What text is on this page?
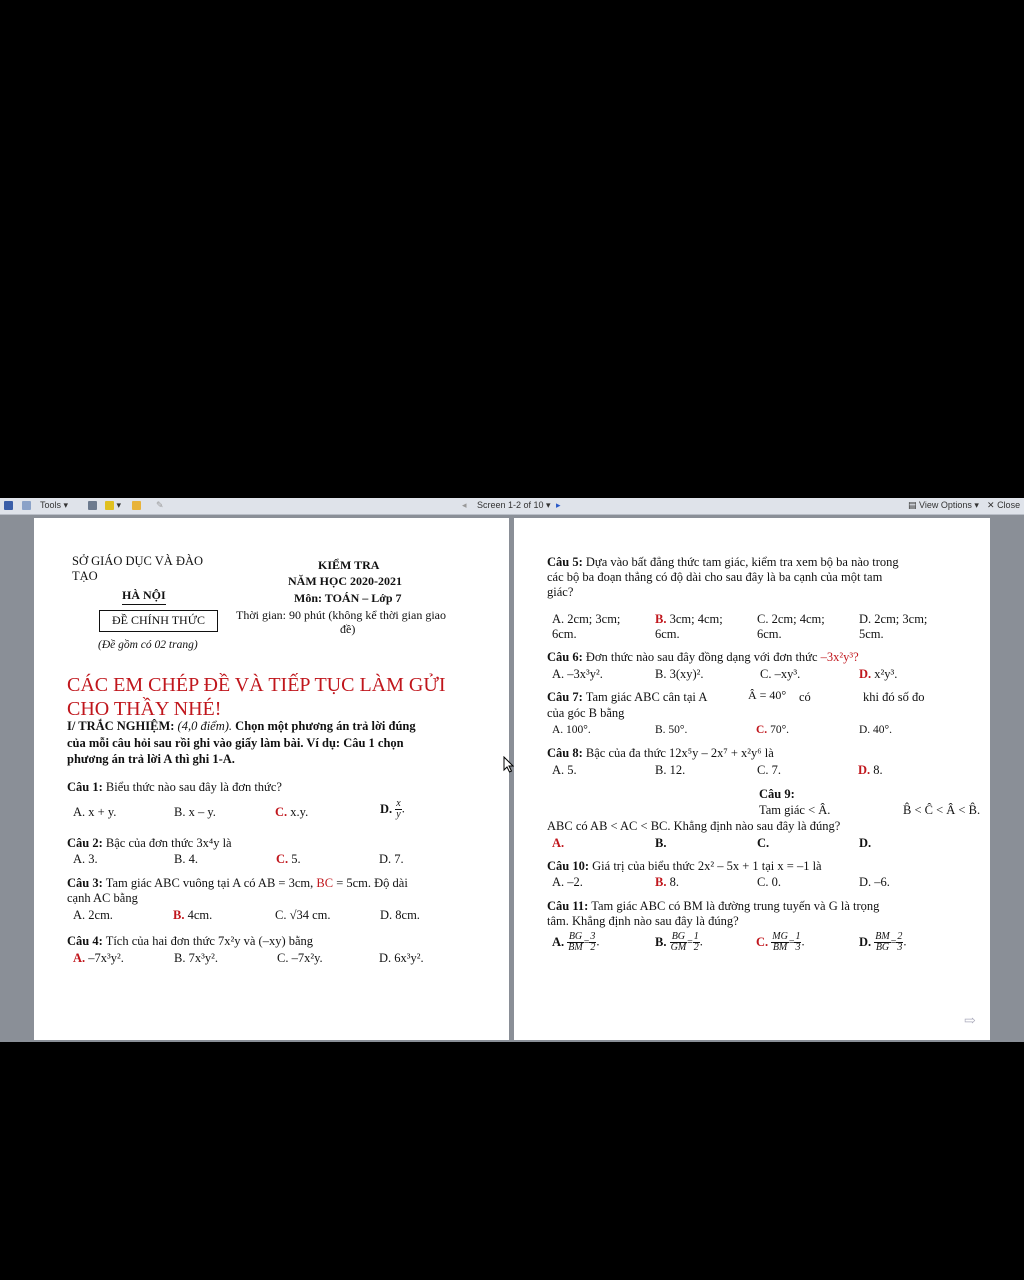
Tools ▾	▾	✎	◂ Screen 1-2 of 10 ▾ ▸	▤ View Options ▾ ✕ Close
SỞ GIÁO DỤC VÀ ĐÀO
TẠO
HÀ NỘI
ĐỀ CHÍNH THỨC
(Đề gồm có 02 trang)
KIỂM TRA
NĂM HỌC 2020-2021
Môn: TOÁN – Lớp 7
Thời gian: 90 phút (không kể thời gian giao
đề)
CÁC EM CHÉP ĐỀ VÀ TIẾP TỤC LÀM GỬI
CHO THẦY NHÉ!
I/ TRẮC NGHIỆM: (4,0 điểm). Chọn một phương án trả lời đúng
của mỗi câu hỏi sau rồi ghi vào giấy làm bài. Ví dụ: Câu 1 chọn
phương án trả lời A thì ghi 1-A.
Câu 1: Biểu thức nào sau đây là đơn thức?
A. x + y.	B. x – y.	C. x.y.	D. $\frac{x}{y}$ .
Câu 2: Bậc của đơn thức 3x⁴y là
A. 3.	B. 4.	C. 5.	D. 7.
Câu 3: Tam giác ABC vuông tại A có AB = 3cm, BC = 5cm. Độ dài
cạnh AC bằng
A. 2cm.	B. 4cm.	C. √34 cm.	D. 8cm.
Câu 4: Tích của hai đơn thức 7x²y và (–xy) bằng
A. –7x³y².	B. 7x³y².	C. –7x²y.	D. 6x³y².
Câu 5: Dựa vào bất đẳng thức tam giác, kiểm tra xem bộ ba nào trong
các bộ ba đoạn thẳng có độ dài cho sau đây là ba cạnh của một tam
giác?
A. 2cm; 3cm;
6cm.
B. 3cm; 4cm;
6cm.
C. 2cm; 4cm;
6cm.
D. 2cm; 3cm;
5cm.
Câu 6: Đơn thức nào sau đây đồng dạng với đơn thức –3x²y³?
A. –3x³y².	B. 3(xy)².	C. –xy³.	D. x²y³.
Câu 7: Tam giác ABC cân tại A	Â = 40° có	khi đó số đo
của góc B bằng
A. 100°.	B. 50°.	C. 70°.	D. 40°.
Câu 8: Bậc của đa thức 12x⁵y – 2x⁷ + x²y⁶ là
A. 5.	B. 12.	C. 7.	D. 8.
Câu 9:
Tam giác < Â.	B̂ < Ĉ < Â < B̂.
ABC có AB < AC < BC. Khẳng định nào sau đây là đúng?
A.	B.	C.	D.
Câu 10: Giá trị của biểu thức 2x² – 5x + 1 tại x = –1 là
A. –2.	B. 8.	C. 0.	D. –6.
Câu 11: Tam giác ABC có BM là đường trung tuyến và G là trọng
tâm. Khẳng định nào sau đây là đúng?
A. $\frac{BG}{BM} = \frac{3}{2}$ .	B. $\frac{BG}{GM} = \frac{1}{2}$ .	C. $\frac{MG}{BM} = \frac{1}{3}$ .	D. $\frac{BM}{BG} = \frac{2}{3}$ .
⇨
